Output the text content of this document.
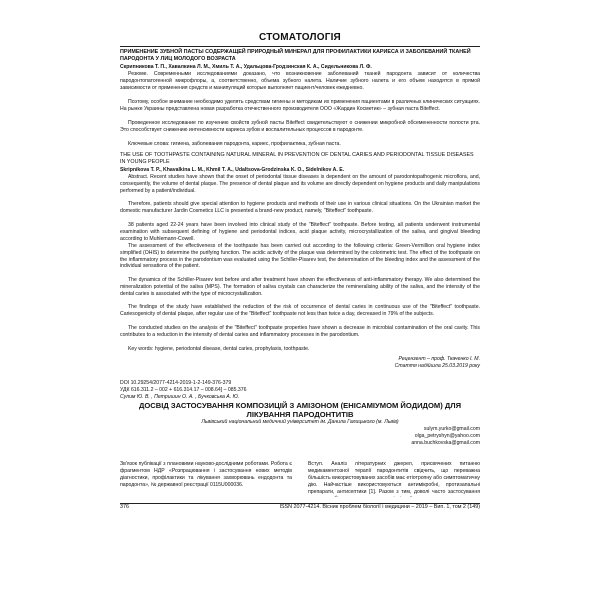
СТОМАТОЛОГІЯ
ПРИМЕНЕНИЕ ЗУБНОЙ ПАСТЫ СОДЕРЖАЩЕЙ ПРИРОДНЫЙ МИНЕРАЛ ДЛЯ ПРОФИЛАКТИКИ КАРИЕСА И ЗАБОЛЕВАНИЙ ТКАНЕЙ ПАРОДОНТА У ЛИЦ МОЛОДОГО ВОЗРАСТА
Скрипникова Т. П., Хавалкина Л. М., Хмиль Т. А., Удальцова-Гродзинская К. А., Сидельникова Л. Ф.
Резюме. Современными исследованиями доказано, что возникновение заболеваний тканей пародонта зависит от количества пародонтопатогенной микрофлоры, а, соответственно, объема зубного налета. Наличие зубного налета и его объем находятся в прямой зависимости от применения средств и манипуляций которые выполняет пациент/человек ежедневно.
Поэтому, особое внимание необходимо уделять средствам гигиены и методикам их применения пациентами в различных клинических ситуациях. На рынке Украины представлена новая разработка отечественного производителя ООО «Жардин Косметик» – зубная паста Biteffect.
Проведенное исследование по изучению свойств зубной пасты Biteffect свидетельствуют о снижении микробной обсемененности полости рта. Это способствует снижению интенсивности кариеса зубов и воспалительных процессов в пародонте.
Ключевые слова: гигиена, заболевания пародонта, кариес, профилактика, зубная паста.
THE USE OF TOOTHPASTE CONTAINING NATURAL MINERAL IN PREVENTION OF DENTAL CARIES AND PERIODONTAL TISSUE DISEASES IN YOUNG PEOPLE
Skripnikova T. P., Khavalkina L. M., Khmil T. A., Udaltsova-Grodzinska K. O., Sidelnikov A. E.
Abstract. Recent studies have shown that the onset of periodontal tissue diseases is dependent on the amount of parodontopathogenic microflora, and, consequently, the volume of dental plaque. The presence of dental plaque and its volume are directly dependent on hygiene products and daily manipulations performed by a patient/individual.
Therefore, patients should give special attention to hygiene products and methods of their use in various clinical situations. On the Ukrainian market the domestic manufacturer Jardin Cosmetics LLC is presented a brand-new product, namely, "Biteffect" toothpaste.
38 patients aged 22-24 years have been involved into clinical study of the "Biteffect" toothpaste. Before testing, all patients underwent instrumental examination with subsequent defining of hygiene and periodontal indices, acid plaque activity, microcrystallization of the saliva, and gingival bleeding according to Muhlemann-Cowell.
The assessment of the effectiveness of the toothpaste has been carried out according to the following criteria: Green-Vermillion oral hygiene index simplified (OHIS) to determine the purifying function. The acidic activity of the plaque was determined by the colorimetric test. The effect of the toothpaste on the inflammatory process in the parodontium was evaluated using the Schiller-Pisarev test, the determination of the bleeding index and the assessment of the individual sensations of the patient.
The dynamics of the Schiller-Pisarev test before and after treatment have shown the effectiveness of anti-inflammatory therapy. We also determined the mineralization potential of the saliva (MPS). The formation of saliva crystals can characterize the remineralising ability of the saliva, and the intensity of the dental caries is associated with the type of microcrystallization.
The findings of the study have established the reduction of the risk of occurrence of dental caries in continuous use of the "Biteffect" toothpaste. Cariesogenicity of dental plaque, after regular use of the "Biteffect" toothpaste not less than twice a day, decreased in 79% of the subjects.
The conducted studies on the analysis of the "Biteffect" toothpaste properties have shown a decrease in microbial contamination of the oral cavity. This contributes to a reduction in the intensity of dental caries and inflammatory processes in the parodontium.
Key words: hygiene, periodontal disease, dental caries, prophylaxis, toothpaste.
Рецензент – проф. Ткаченко І. М.
Стаття надійшла 25.03.2019 року
DOI 10.29254/2077-4214-2019-1-2-149-376-379
УДК 616.311.2 – 002 + 616.314.17 – 008.64] – 085.376
Сулим Ю. В. , Петришин О. А. , Бучковська А. Ю.
ДОСВІД ЗАСТОСУВАННЯ КОМПОЗИЦІЙ З АМІЗОНОМ (ЕНІСАМІУМОМ ЙОДИДОМ) ДЛЯ ЛІКУВАННЯ ПАРОДОНТИТІВ
Львівський національний медичний університет ім. Данила Галицького (м. Львів)
sulym.yurko@gmail.com
olga_petryshyn@yahoo.com
anna.buchkovska@gmail.com
Зв'язок публікації з плановими науково-дослідними роботами. Робота є фрагментом НДР «Розпрацювання і застосування нових методів діагностики, профілактики та лікування захворювань ендодонта та пародонта», № державної реєстрації 0115U000036.
Вступ. Аналіз літературних джерел, присвячених питанню медикаментозної терапії пародонтитів свідчить, що переважна більшість використовуваних засобів має етіотропну або симптоматичну дію. Найчастіше використовуються антимікробні, протизапальні препарати, антисептики [1]. Разом з тим, доволі часто застосування
376	ISSN 2077-4214. Вісник проблем біології і медицини – 2019 – Вип. 1, том 2 (149)
